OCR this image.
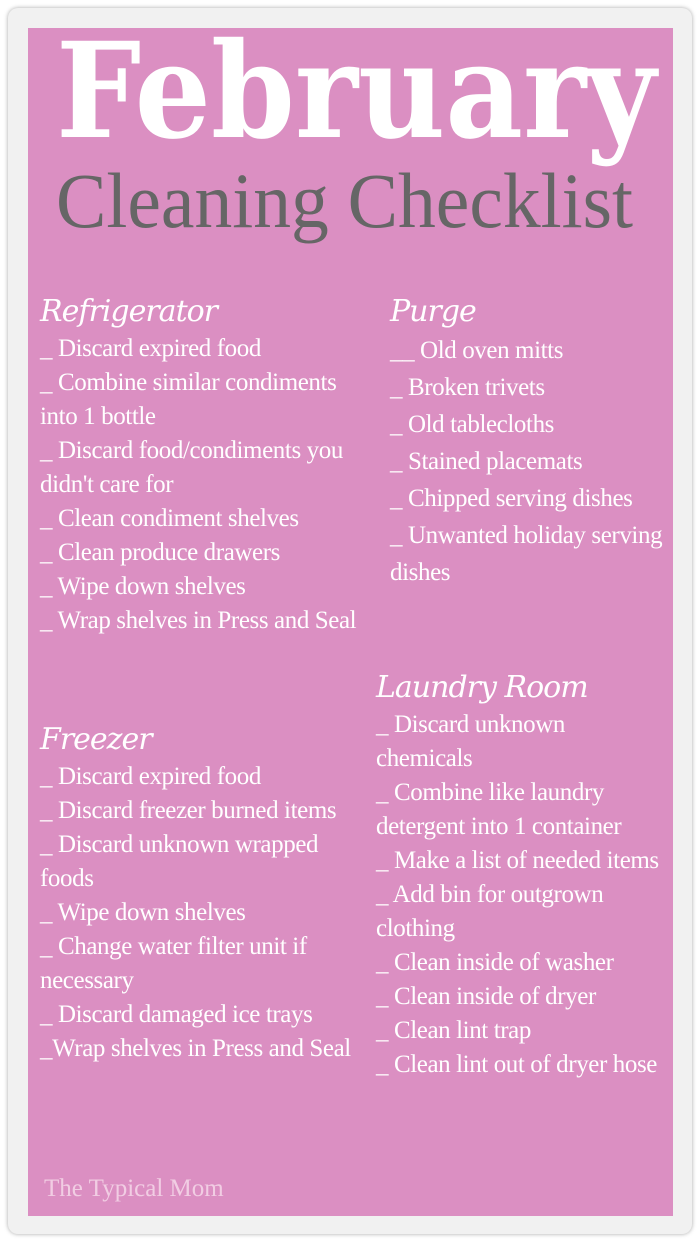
February
Cleaning Checklist
Refrigerator
_ Discard expired food
_ Combine similar condiments into 1 bottle
_ Discard food/condiments you didn't care for
_ Clean condiment shelves
_ Clean produce drawers
_ Wipe down shelves
_ Wrap shelves in Press and Seal
Freezer
_ Discard expired food
_ Discard freezer burned items
_ Discard unknown wrapped foods
_ Wipe down shelves
_ Change water filter unit if necessary
_ Discard damaged ice trays
_Wrap shelves in Press and Seal
Purge
__ Old oven mitts
_ Broken trivets
_ Old tablecloths
_ Stained placemats
_ Chipped serving dishes
_ Unwanted holiday serving dishes
Laundry Room
_ Discard unknown chemicals
_ Combine like laundry detergent into 1 container
_ Make a list of needed items
_ Add bin for outgrown clothing
_ Clean inside of washer
_ Clean inside of dryer
_ Clean lint trap
_ Clean lint out of dryer hose
The Typical Mom
